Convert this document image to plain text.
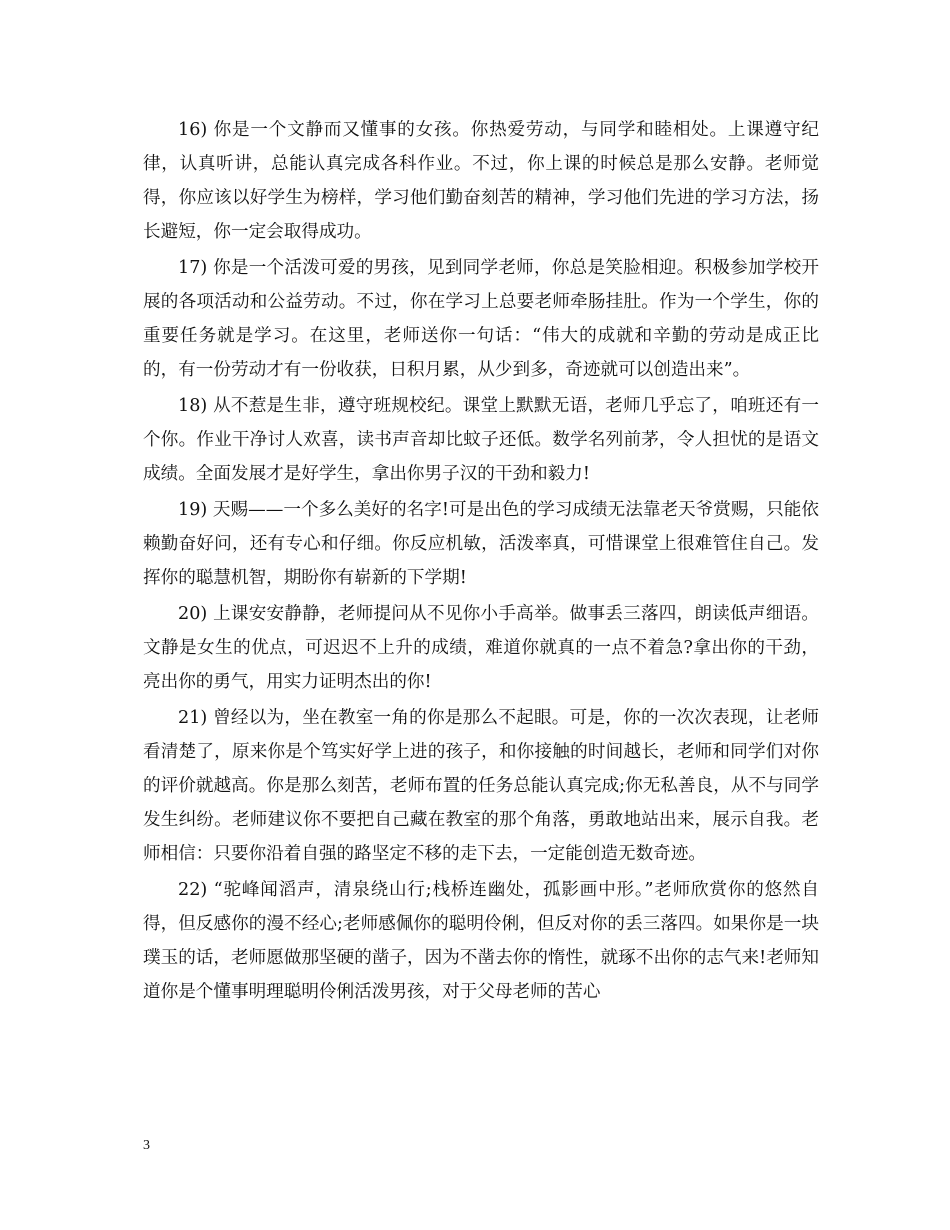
16) 你是一个文静而又懂事的女孩。你热爱劳动，与同学和睦相处。上课遵守纪律，认真听讲，总能认真完成各科作业。不过，你上课的时候总是那么安静。老师觉得，你应该以好学生为榜样，学习他们勤奋刻苦的精神，学习他们先进的学习方法，扬长避短，你一定会取得成功。

17) 你是一个活泼可爱的男孩，见到同学老师，你总是笑脸相迎。积极参加学校开展的各项活动和公益劳动。不过，你在学习上总要老师牵肠挂肚。作为一个学生，你的重要任务就是学习。在这里，老师送你一句话：“伟大的成就和辛勤的劳动是成正比的，有一份劳动才有一份收获，日积月累，从少到多，奇迹就可以创造出来”。

18) 从不惹是生非，遵守班规校纪。课堂上默默无语，老师几乎忘了，咱班还有一个你。作业干净讨人欢喜，读书声音却比蚊子还低。数学名列前茅，令人担忧的是语文成绩。全面发展才是好学生，拿出你男子汉的干劲和毅力!

19) 天赐——一个多么美好的名字!可是出色的学习成绩无法靠老天爷赏赐，只能依赖勤奋好问，还有专心和仔细。你反应机敏，活泼率真，可惜课堂上很难管住自己。发挥你的聪慧机智，期盼你有崭新的下学期!

20) 上课安安静静，老师提问从不见你小手高举。做事丢三落四，朗读低声细语。文静是女生的优点，可迟迟不上升的成绩，难道你就真的一点不着急?拿出你的干劲，亮出你的勇气，用实力证明杰出的你!

21) 曾经以为，坐在教室一角的你是那么不起眼。可是，你的一次次表现，让老师看清楚了，原来你是个笃实好学上进的孩子，和你接触的时间越长，老师和同学们对你的评价就越高。你是那么刻苦，老师布置的任务总能认真完成;你无私善良，从不与同学发生纠纷。老师建议你不要把自己藏在教室的那个角落，勇敢地站出来，展示自我。老师相信：只要你沿着自强的路坚定不移的走下去，一定能创造无数奇迹。

22) “驼峰闻滔声，清泉绕山行;栈桥连幽处，孤影画中形。”老师欣赏你的悠然自得，但反感你的漫不经心;老师感佩你的聪明伶俐，但反对你的丢三落四。如果你是一块璞玉的话，老师愿做那坚硬的凿子，因为不凿去你的惰性，就琢不出你的志气来!老师知道你是个懂事明理聪明伶俐活泼男孩，对于父母老师的苦心

3
